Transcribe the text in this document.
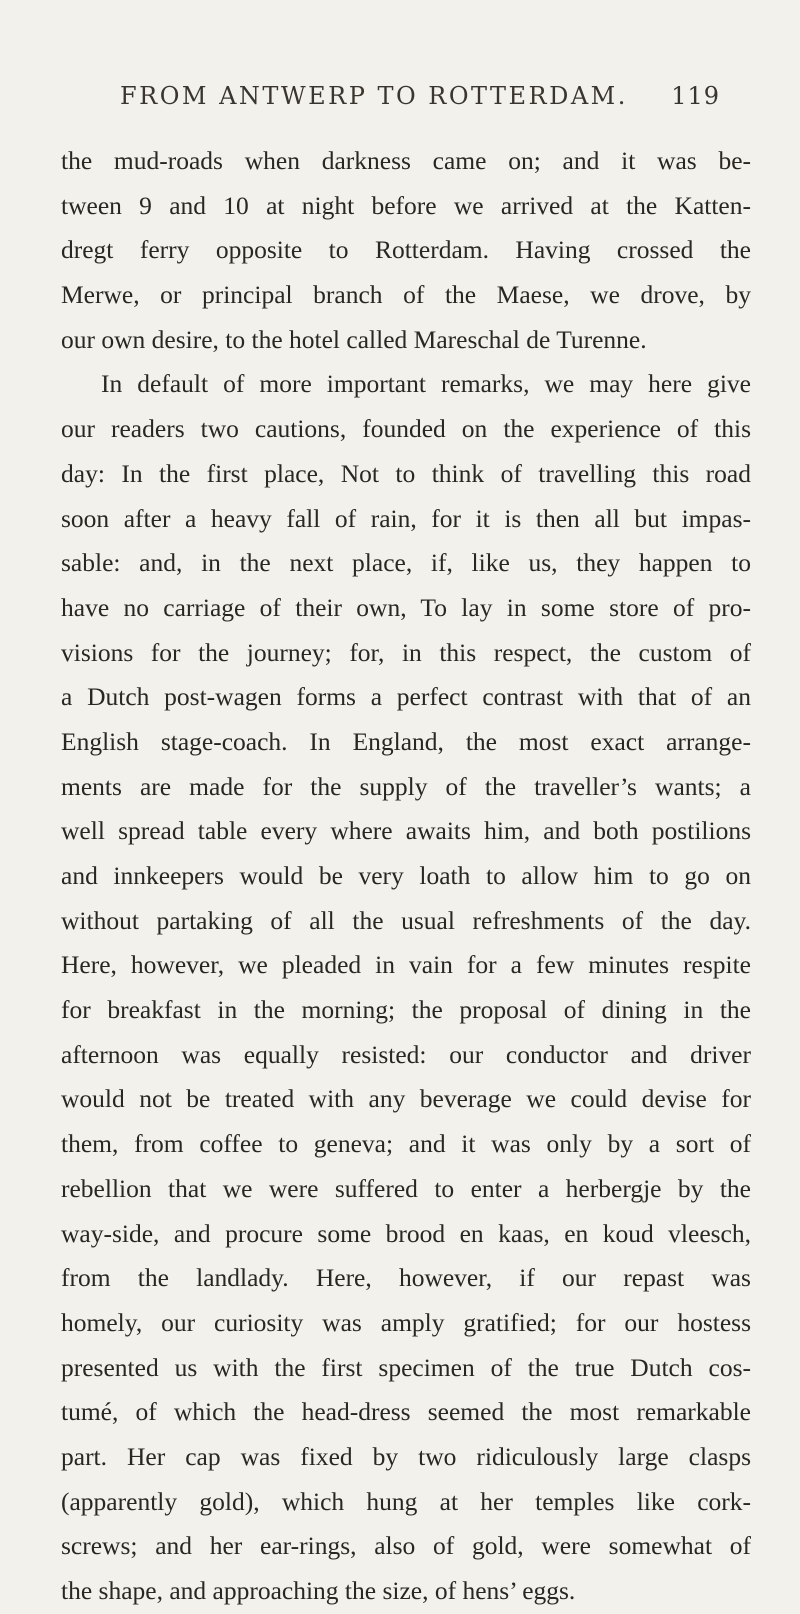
FROM ANTWERP TO ROTTERDAM. 119
the mud-roads when darkness came on; and it was be-
tween 9 and 10 at night before we arrived at the Katten-
dregt ferry opposite to Rotterdam. Having crossed the
Merwe, or principal branch of the Maese, we drove, by
our own desire, to the hotel called Mareschal de Turenne.
In default of more important remarks, we may here give
our readers two cautions, founded on the experience of this
day: In the first place, Not to think of travelling this road
soon after a heavy fall of rain, for it is then all but impas-
sable: and, in the next place, if, like us, they happen to
have no carriage of their own, To lay in some store of pro-
visions for the journey; for, in this respect, the custom of
a Dutch post-wagen forms a perfect contrast with that of an
English stage-coach. In England, the most exact arrange-
ments are made for the supply of the traveller’s wants; a
well spread table every where awaits him, and both postilions
and innkeepers would be very loath to allow him to go on
without partaking of all the usual refreshments of the day.
Here, however, we pleaded in vain for a few minutes respite
for breakfast in the morning; the proposal of dining in the
afternoon was equally resisted: our conductor and driver
would not be treated with any beverage we could devise for
them, from coffee to geneva; and it was only by a sort of
rebellion that we were suffered to enter a herbergje by the
way-side, and procure some brood en kaas, en koud vleesch,
from the landlady. Here, however, if our repast was
homely, our curiosity was amply gratified; for our hostess
presented us with the first specimen of the true Dutch cos-
tumé, of which the head-dress seemed the most remarkable
part. Her cap was fixed by two ridiculously large clasps
(apparently gold), which hung at her temples like cork-
screws; and her ear-rings, also of gold, were somewhat of
the shape, and approaching the size, of hens’ eggs.
